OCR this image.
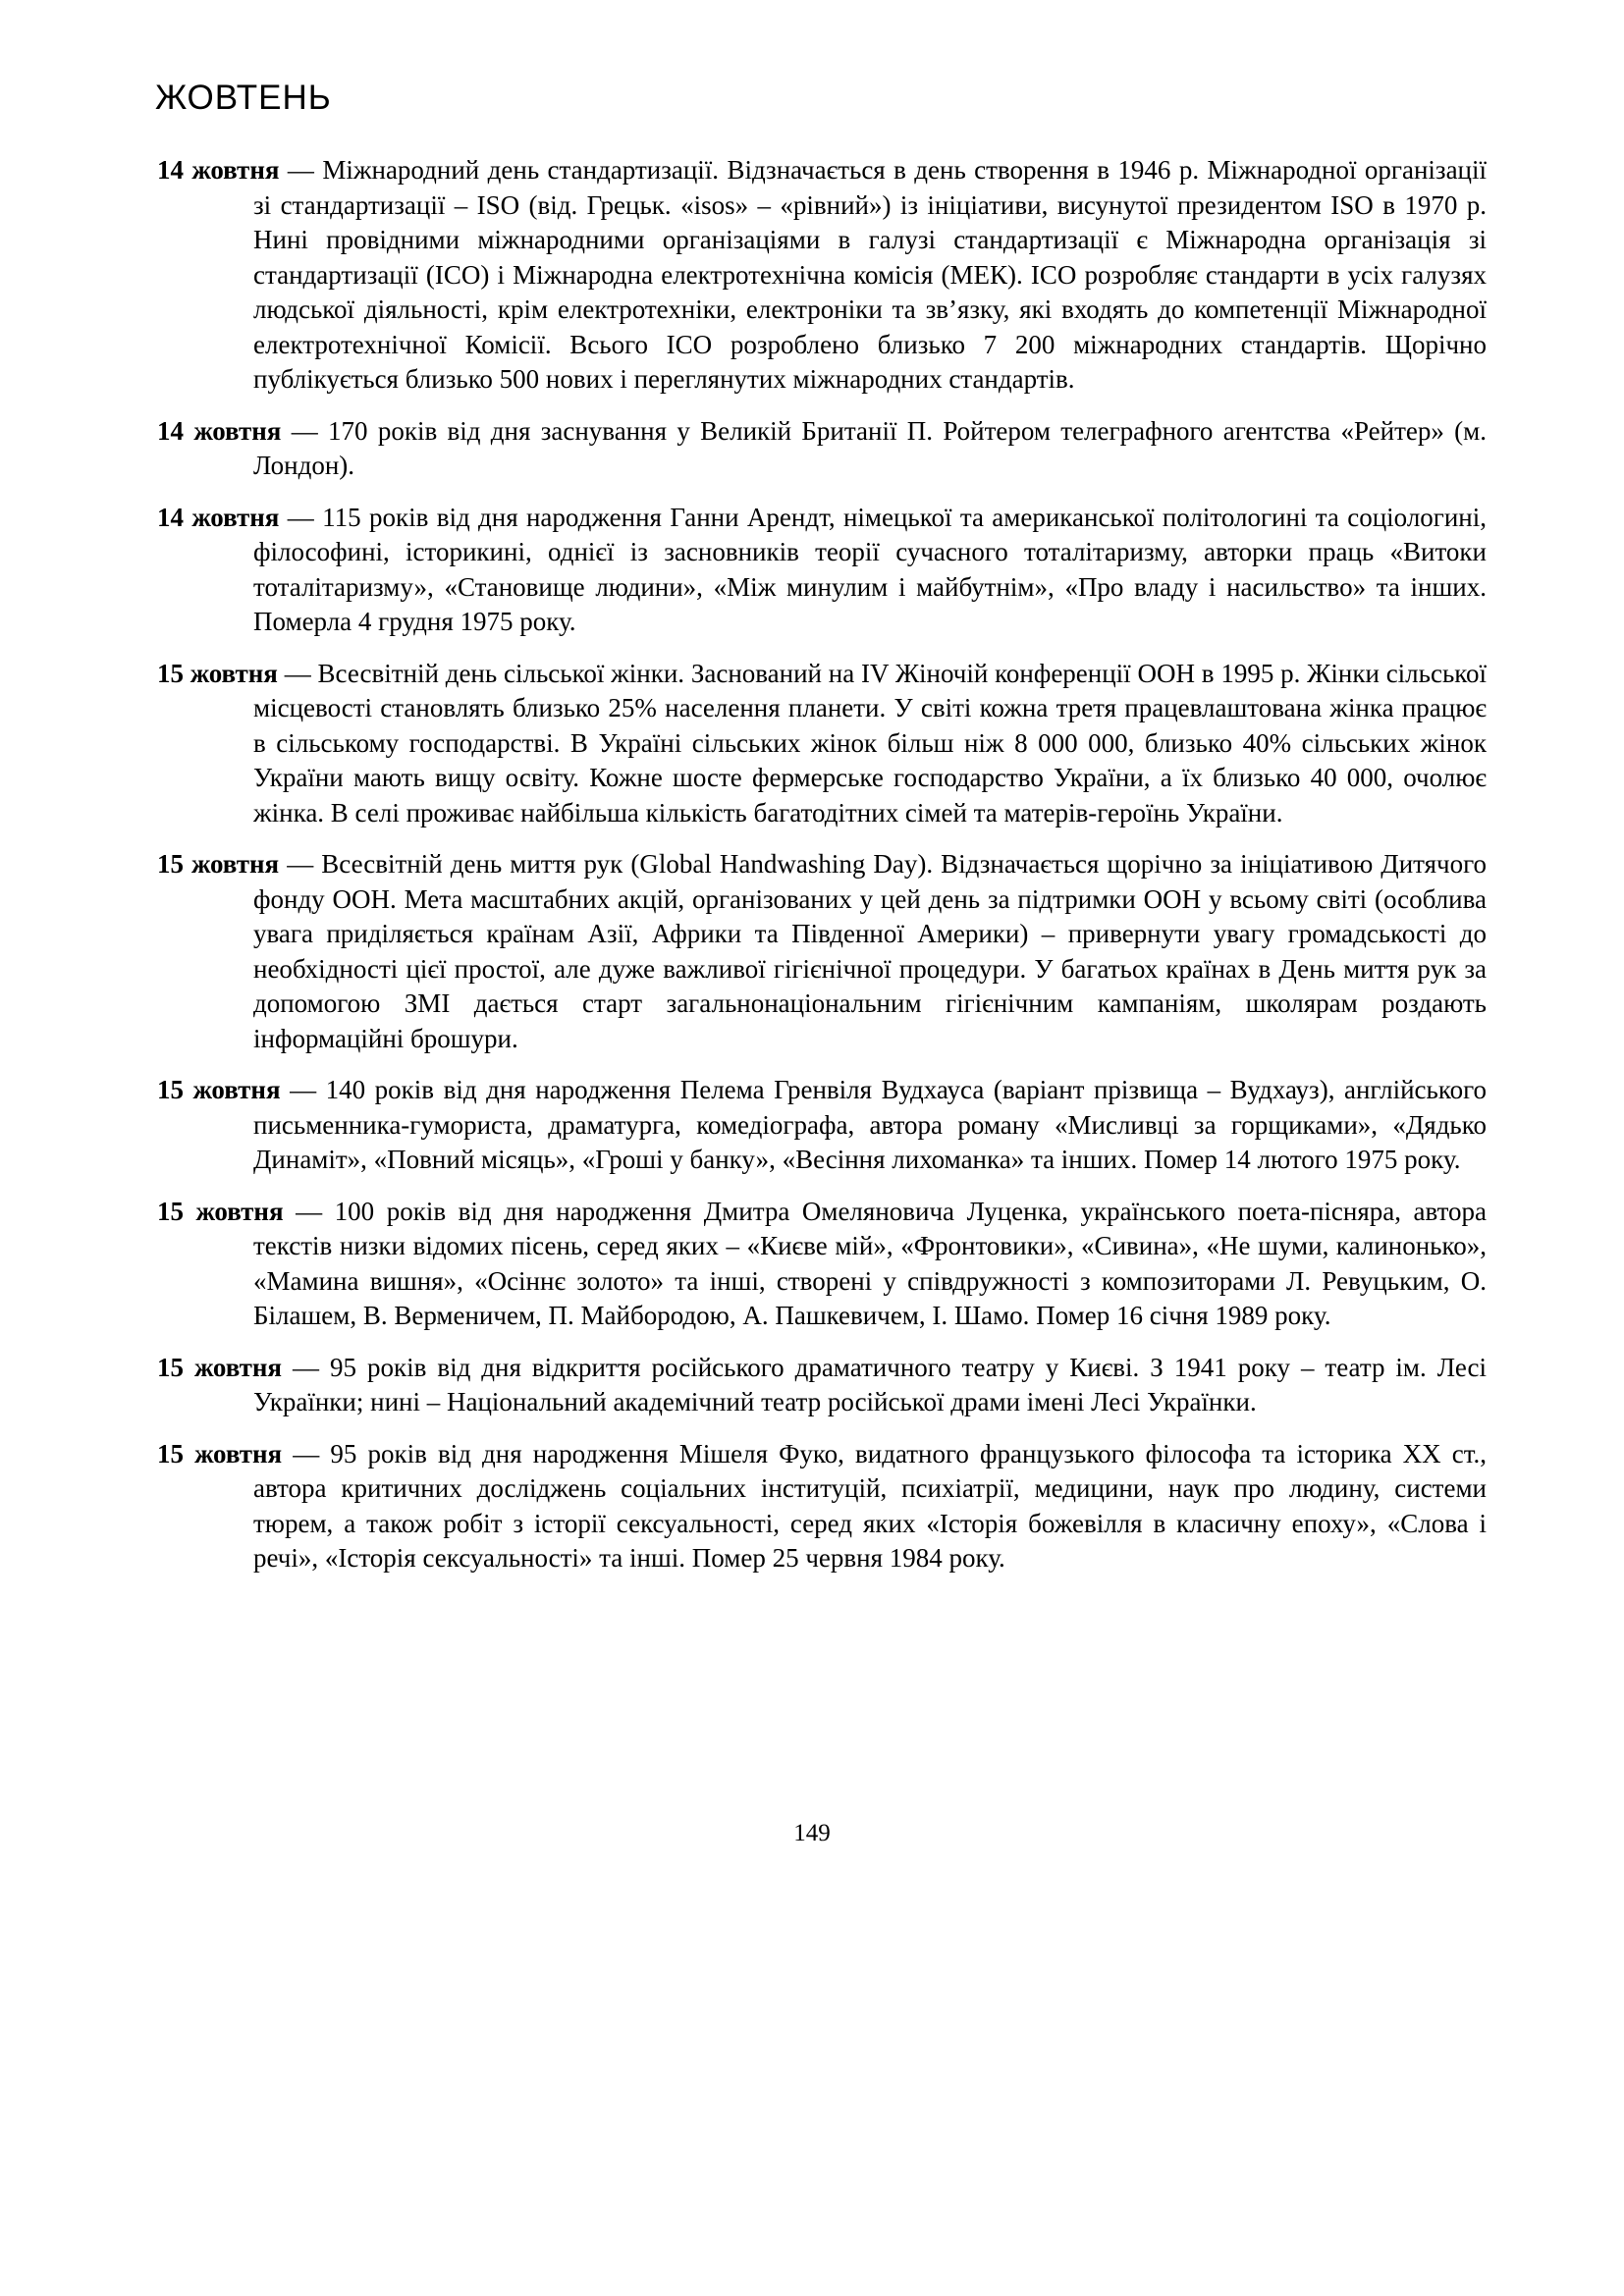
ЖОВТЕНЬ

14 жовтня — Міжнародний день стандартизації. Відзначається в день створення в 1946 р. Міжнародної організації зі стандартизації – ISO (від. Грецьк. «isos» – «рівний») із ініціативи, висунутої президентом ISO в 1970 р. Нині провідними міжнародними організаціями в галузі стандартизації є Міжнародна організація зі стандартизації (ІСО) і Міжнародна електротехнічна комісія (МЕК). ІСО розробляє стандарти в усіх галузях людської діяльності, крім електротехніки, електроніки та зв’язку, які входять до компетенції Міжнародної електротехнічної Комісії. Всього ІСО розроблено близько 7 200 міжнародних стандартів. Щорічно публікується близько 500 нових і переглянутих міжнародних стандартів.

14 жовтня — 170 років від дня заснування у Великій Британії П. Ройтером телеграфного агентства «Рейтер» (м. Лондон).

14 жовтня — 115 років від дня народження Ганни Арендт, німецької та американської політологині та соціологині, філософині, історикині, однієї із засновників теорії сучасного тоталітаризму, авторки праць «Витоки тоталітаризму», «Становище людини», «Між минулим і майбутнім», «Про владу і насильство» та інших. Померла 4 грудня 1975 року.

15 жовтня — Всесвітній день сільської жінки. Заснований на IV Жіночій конференції ООН в 1995 р. Жінки сільської місцевості становлять близько 25% населення планети. У світі кожна третя працевлаштована жінка працює в сільському господарстві. В Україні сільських жінок більш ніж 8 000 000, близько 40% сільських жінок України мають вищу освіту. Кожне шосте фермерське господарство України, а їх близько 40 000, очолює жінка. В селі проживає найбільша кількість багатодітних сімей та матерів-героїнь України.

15 жовтня — Всесвітній день миття рук (Global Handwashing Day). Відзначається щорічно за ініціативою Дитячого фонду ООН. Мета масштабних акцій, організованих у цей день за підтримки ООН у всьому світі (особлива увага приділяється країнам Азії, Африки та Південної Америки) – привернути увагу громадськості до необхідності цієї простої, але дуже важливої гігієнічної процедури. У багатьох країнах в День миття рук за допомогою ЗМІ дається старт загальнонаціональним гігієнічним кампаніям, школярам роздають інформаційні брошури.

15 жовтня — 140 років від дня народження Пелема Гренвіля Вудхауса (варіант прізвища – Вудхауз), англійського письменника-гумориста, драматурга, комедіографа, автора роману «Мисливці за горщиками», «Дядько Динаміт», «Повний місяць», «Гроші у банку», «Весіння лихоманка» та інших. Помер 14 лютого 1975 року.

15 жовтня — 100 років від дня народження Дмитра Омеляновича Луценка, українського поета-пісняра, автора текстів низки відомих пісень, серед яких – «Києве мій», «Фронтовики», «Сивина», «Не шуми, калинонько», «Мамина вишня», «Осіннє золото» та інші, створені у співдружності з композиторами Л. Ревуцьким, О. Білашем, В. Верменичем, П. Майбородою, А. Пашкевичем, І. Шамо. Помер 16 січня 1989 року.

15 жовтня — 95 років від дня відкриття російського драматичного театру у Києві. З 1941 року – театр ім. Лесі Українки; нині – Національний академічний театр російської драми імені Лесі Українки.

15 жовтня — 95 років від дня народження Мішеля Фуко, видатного французького філософа та історика XX ст., автора критичних досліджень соціальних інституцій, психіатрії, медицини, наук про людину, системи тюрем, а також робіт з історії сексуальності, серед яких «Історія божевілля в класичну епоху», «Слова і речі», «Історія сексуальності» та інші. Помер 25 червня 1984 року.

149
